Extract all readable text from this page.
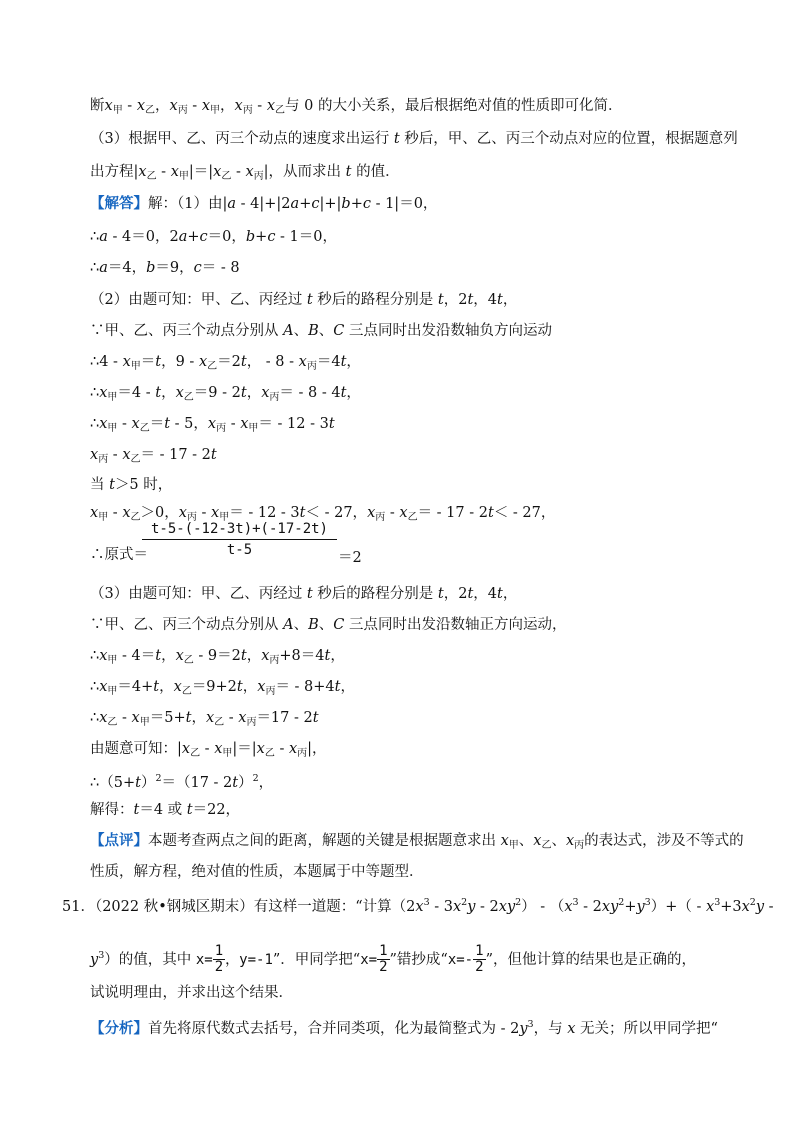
断$x_甲 - x_乙$，$x_丙 - x_甲$，$x_丙 - x_乙$与 0 的大小关系，最后根据绝对值的性质即可化简．
（3）根据甲、乙、丙三个动点的速度求出运行 t 秒后，甲、乙、丙三个动点对应的位置，根据题意列
出方程$|x_乙 - x_甲|=|x_乙 - x_丙|$，从而求出 t 的值．
【解答】解：（1）由|a - 4|+|2a+c|+|b+c - 1|＝0，
∴a - 4＝0，2a+c＝0，b+c - 1＝0，
∴a＝4，b＝9，c＝ - 8
（2）由题可知：甲、乙、丙经过 t 秒后的路程分别是 t，2t，4t，
∵甲、乙、丙三个动点分别从 A、B、C 三点同时出发沿数轴负方向运动
∴4 - $x_甲=t$，$9 - x_乙=2t$， - $8 - x_丙=4t$，
$\therefore x_甲=4 - t$，$x_乙=9 - 2t$，$x_丙= - 8 - 4t$，
$\therefore x_甲 - x_乙=t - 5$，$x_丙 - x_甲= - 12 - 3t$
$x_丙 - x_乙= - 17 - 2t$
当 t＞5 时，
$x_甲 - x_乙>0$，$x_丙 - x_甲= - 12 - 3t< - 27$，$x_丙 - x_乙= - 17 - 2t< - 27$，
∴原式＝
$\frac{t-5-(-12-3t)+(-17-2t)}{t-5} =2$
（3）由题可知：甲、乙、丙经过 t 秒后的路程分别是 t，2t，4t，
∵甲、乙、丙三个动点分别从 A、B、C 三点同时出发沿数轴正方向运动，
$\therefore x_甲 - 4=t$，$x_乙 - 9=2t$，$x_丙+8=4t$，
$\therefore x_甲=4+t$，$x_乙=9+2t$，$x_丙= - 8+4t$，
$\therefore x_乙 - x_甲=5+t$，$x_乙 - x_丙=17 - 2t$
由题意可知：$|x_乙 - x_甲|=|x_乙 - x_丙|$，
$\therefore(5+t)^2=(17 - 2t)^2$，
解得：t＝4 或 t＝22，
【点评】本题考查两点之间的距离，解题的关键是根据题意求出 $x_甲$、$x_乙$、$x_丙$的表达式，涉及不等式的
性质，解方程，绝对值的性质，本题属于中等题型．
51．（2022 秋•钢城区期末）有这样一道题：“计算$(2x^3 - 3x^2y - 2xy^2) - (x^3 - 2xy^2+y^3)+( - x^3+3x^2y$ -
$y^3$）的值，其中 $x= \frac{1}{2}$ ，y=-1”．甲同学把“$x= \frac{1}{2}$ ”错抄成“$x=- \frac{1}{2}$ ”，但他计算的结果也是正确的，
试说明理由，并求出这个结果．
【分析】首先将原代数式去括号，合并同类项，化为最简整式为 - $2y^3$，与 x 无关；所以甲同学把“
